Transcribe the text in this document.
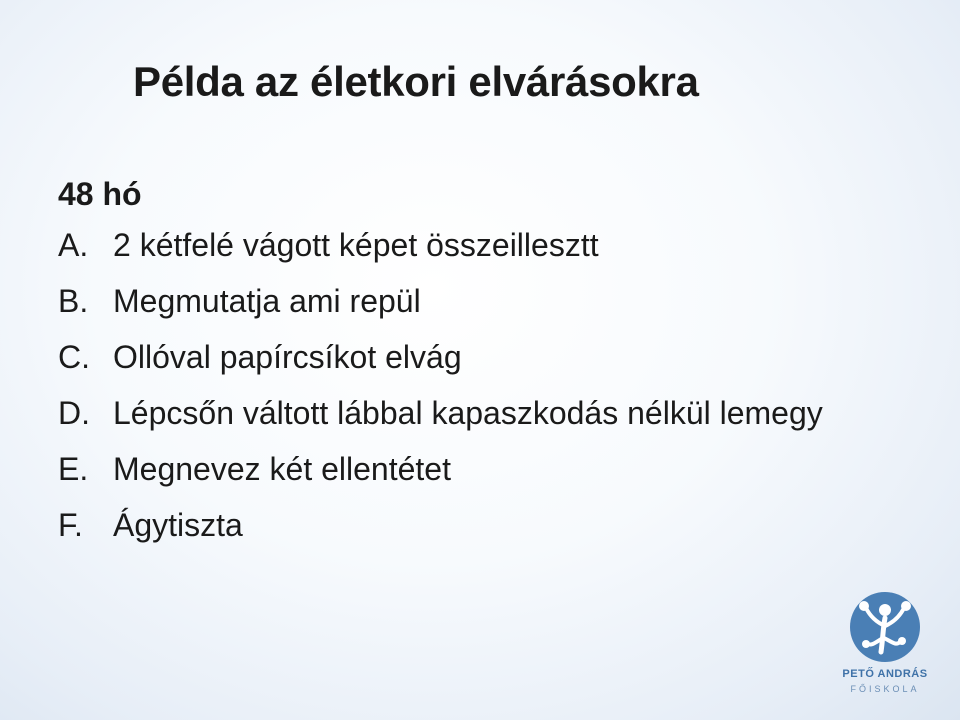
Példa az életkori elvárásokra
48 hó
A. 2 kétfelé vágott képet összeillesztt
B. Megmutatja ami repül
C. Ollóval papírcsíkot elvág
D. Lépcsőn váltott lábbal kapaszkodás nélkül lemegy
E. Megnevez két ellentétet
F. Ágytiszta
PETŐ ANDRÁS
FŐISKOLA
